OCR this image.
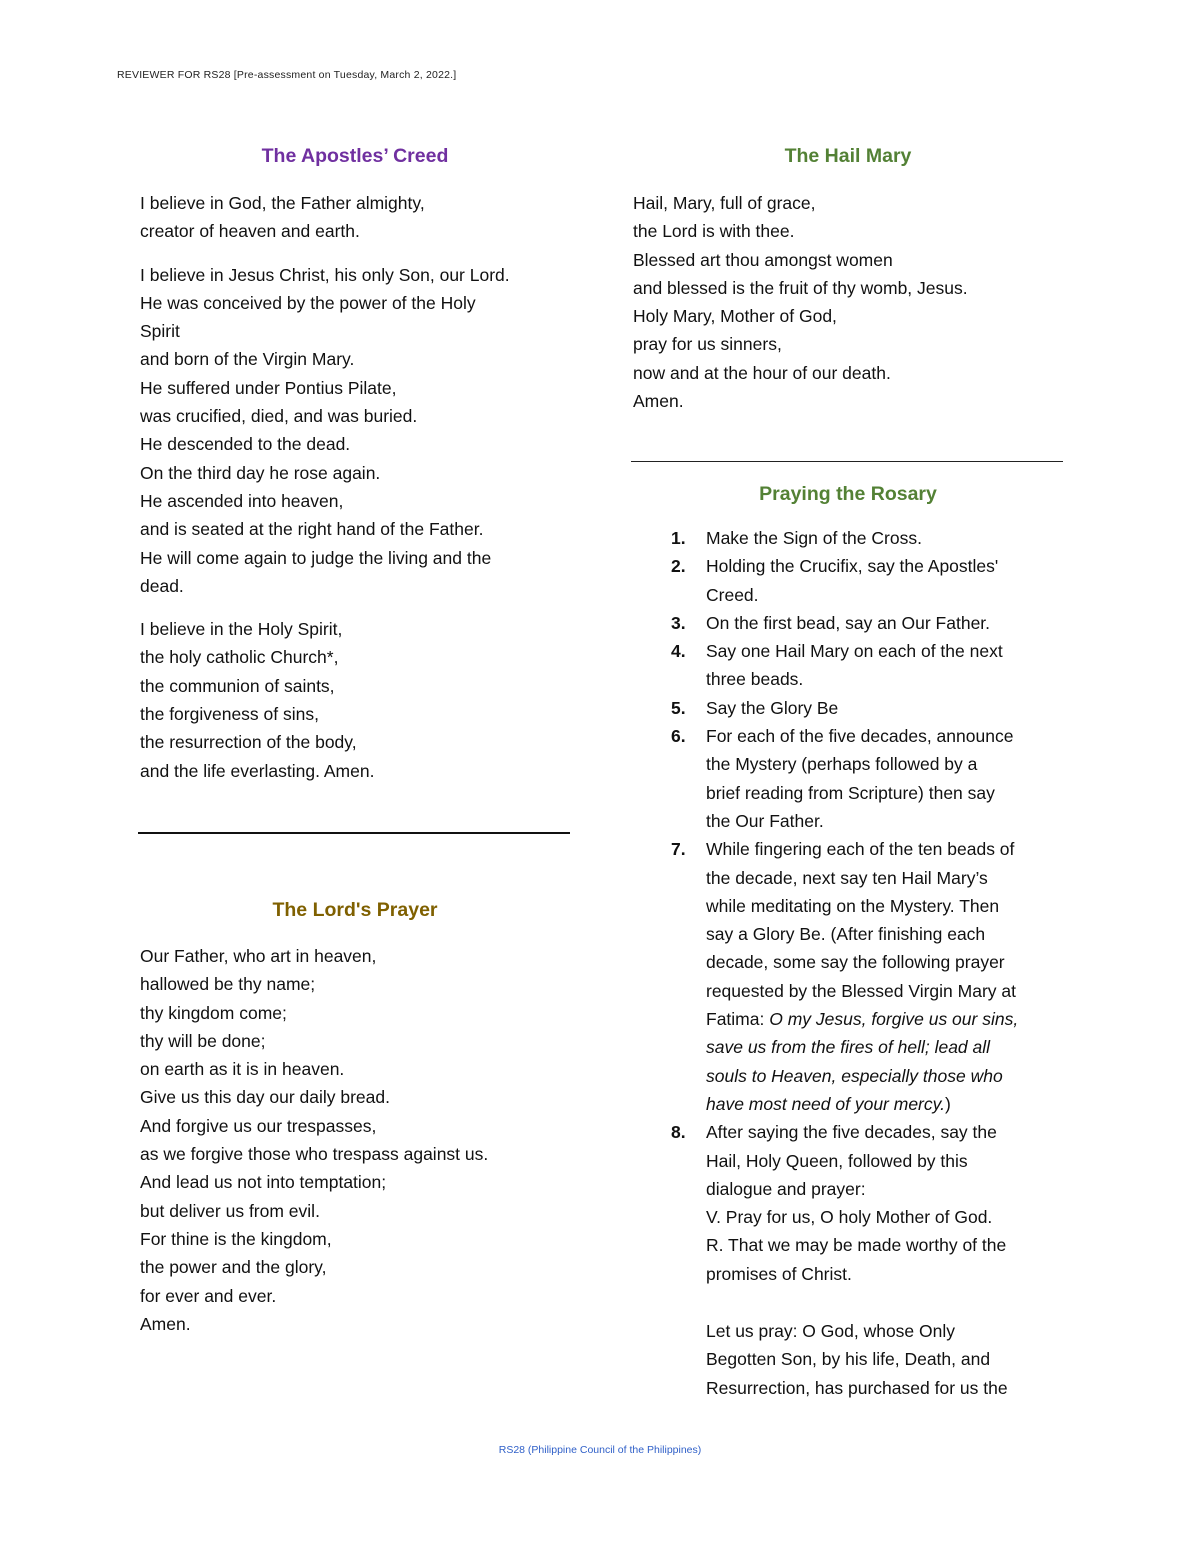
REVIEWER FOR RS28 [Pre-assessment on Tuesday, March 2, 2022.]
The Apostles’ Creed
I believe in God, the Father almighty,
creator of heaven and earth.
I believe in Jesus Christ, his only Son, our Lord.
He was conceived by the power of the Holy
Spirit
and born of the Virgin Mary.
He suffered under Pontius Pilate,
was crucified, died, and was buried.
He descended to the dead.
On the third day he rose again.
He ascended into heaven,
and is seated at the right hand of the Father.
He will come again to judge the living and the
dead.
I believe in the Holy Spirit,
the holy catholic Church*,
the communion of saints,
the forgiveness of sins,
the resurrection of the body,
and the life everlasting. Amen.
The Lord's Prayer
Our Father, who art in heaven,
hallowed be thy name;
thy kingdom come;
thy will be done;
on earth as it is in heaven.
Give us this day our daily bread.
And forgive us our trespasses,
as we forgive those who trespass against us.
And lead us not into temptation;
but deliver us from evil.
For thine is the kingdom,
the power and the glory,
for ever and ever.
Amen.
The Hail Mary
Hail, Mary, full of grace,
the Lord is with thee.
Blessed art thou amongst women
and blessed is the fruit of thy womb, Jesus.
Holy Mary, Mother of God,
pray for us sinners,
now and at the hour of our death.
Amen.
Praying the Rosary
1. Make the Sign of the Cross.
2. Holding the Crucifix, say the Apostles'
Creed.
3. On the first bead, say an Our Father.
4. Say one Hail Mary on each of the next
three beads.
5. Say the Glory Be
6. For each of the five decades, announce
the Mystery (perhaps followed by a
brief reading from Scripture) then say
the Our Father.
7. While fingering each of the ten beads of
the decade, next say ten Hail Mary’s
while meditating on the Mystery. Then
say a Glory Be. (After finishing each
decade, some say the following prayer
requested by the Blessed Virgin Mary at
Fatima: O my Jesus, forgive us our sins,
save us from the fires of hell; lead all
souls to Heaven, especially those who
have most need of your mercy.)
8. After saying the five decades, say the
Hail, Holy Queen, followed by this
dialogue and prayer:
V. Pray for us, O holy Mother of God.
R. That we may be made worthy of the
promises of Christ.
Let us pray: O God, whose Only
Begotten Son, by his life, Death, and
Resurrection, has purchased for us the
RS28 (Philippine Council of the Philippines)
